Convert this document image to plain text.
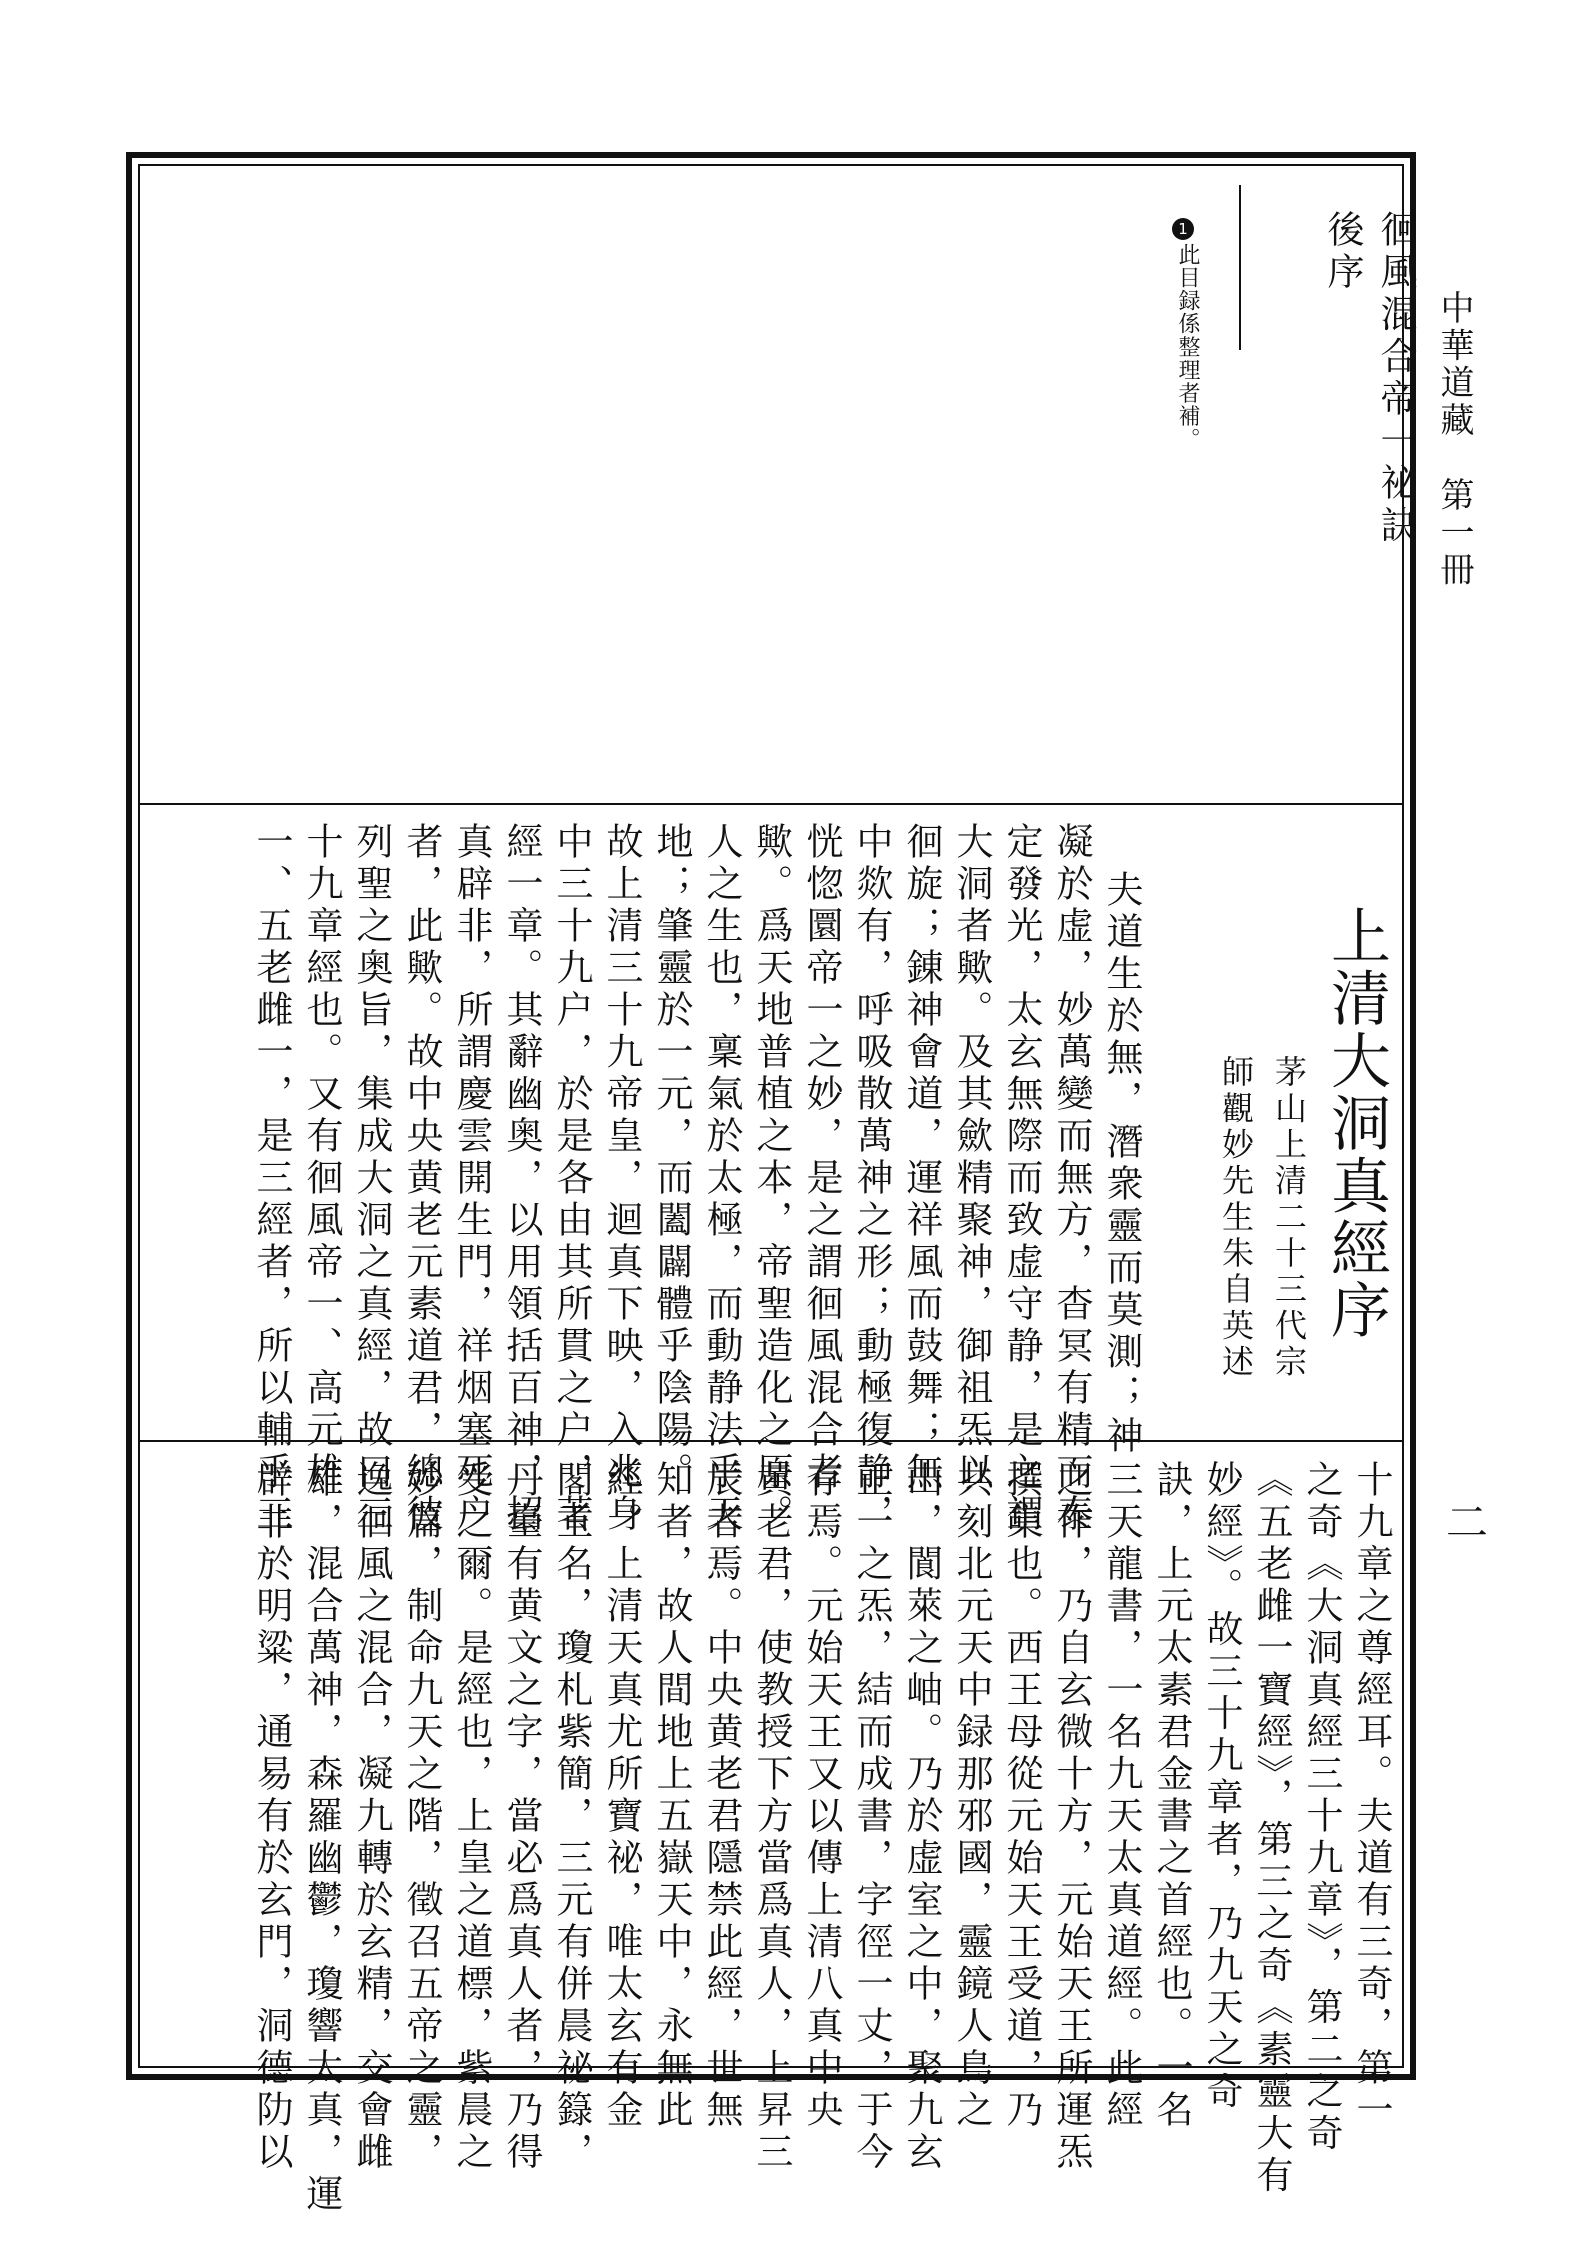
中華道藏　第一冊
二
徊風混合帝一祕訣
後序
1
此目録係整理者補。
上清大洞真經序
茅山上清二十三代宗
師觀妙先生朱自英述
夫道生於無，潛衆靈而莫測；神
凝於虚，妙萬變而無方，杳冥有精而泰
定發光，太玄無際而致虚守静，是之謂
大洞者歟。及其歛精聚神，御祖炁以
徊旋；錬神會道，運祥風而鼓舞；無
中欻有，呼吸散萬神之形；動極復静，
恍惚圜帝一之妙，是之謂徊風混合者
歟。爲天地普植之本，帝聖造化之原。
人之生也，稟氣於太極，而動静法乎天
地；肇靈於一元，而闔闢體乎陰陽。
故上清三十九帝皇，迴真下映，入兆身
中三十九户，於是各由其所貫之户，著
經一章。其辭幽奥，以用領括百神，招
真辟非，所謂慶雲開生門，祥烟塞死户
者，此歟。故中央黄老元素道君，總彼
列聖之奥旨，集成大洞之真經，故曰三
十九章經也。又有徊風帝一、高元雄
一、五老雌一，是三經者，所以輔乎三
十九章之尊經耳。夫道有三奇，第一
之奇《大洞真經三十九章》，第二之奇
《五老雌一寶經》，第三之奇《素靈大有
妙經》。故三十九章者，乃九天之奇
訣，上元太素君金書之首經也。一名
三天龍書，一名九天太真道經。此經
之作，乃自玄微十方，元始天王所運炁
撰集也。西王母從元始天王受道，乃
共刻北元天中録那邪國，靈鏡人鳥之
山，閬萊之岫。乃於虚室之中，聚九玄
正一之炁，結而成書，字徑一丈，于今
存焉。元始天王又以傳上清八真中央
黄老君，使教授下方當爲真人，上昇三
辰者焉。中央黄老君隱禁此經，世無
知者，故人間地上五嶽天中，永無此
經。上清天真尤所寶祕，唯太玄有金
閣玉名，瓊札紫簡，三元有併晨祕籙，
丹臺有黄文之字，當必爲真人者，乃得
受之爾。是經也，上皇之道標，紫晨之
妙篇，制命九天之階，徵召五帝之靈，
逸徊風之混合，凝九轉於玄精，交會雌
雄，混合萬神，森羅幽鬱，瓊響太真，運
辟非於明粱，通易有於玄門，洞德阞以
